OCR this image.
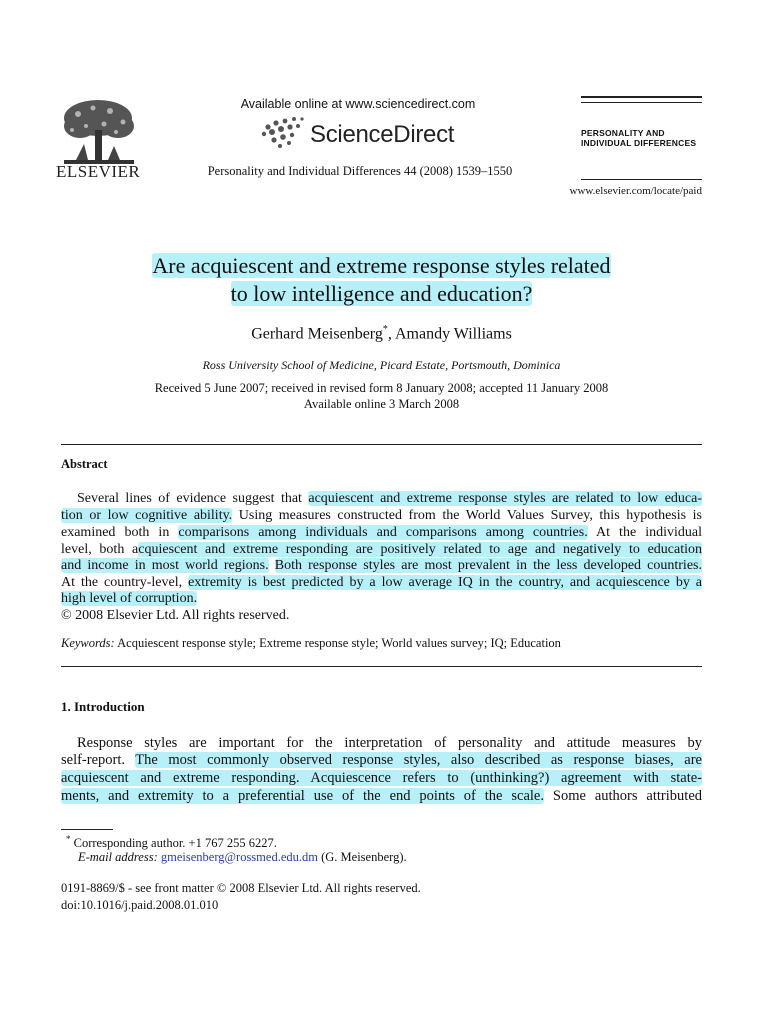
ELSEVIER
Available online at www.sciencedirect.com
ScienceDirect
Personality and Individual Differences 44 (2008) 1539–1550
PERSONALITY AND
INDIVIDUAL DIFFERENCES
www.elsevier.com/locate/paid
Are acquiescent and extreme response styles related
to low intelligence and education?
Gerhard Meisenberg*, Amandy Williams
Ross University School of Medicine, Picard Estate, Portsmouth, Dominica
Received 5 June 2007; received in revised form 8 January 2008; accepted 11 January 2008
Available online 3 March 2008
Abstract
Several lines of evidence suggest that acquiescent and extreme response styles are related to low educa-
tion or low cognitive ability. Using measures constructed from the World Values Survey, this hypothesis is
examined both in comparisons among individuals and comparisons among countries. At the individual
level, both acquiescent and extreme responding are positively related to age and negatively to education
and income in most world regions. Both response styles are most prevalent in the less developed countries.
At the country-level, extremity is best predicted by a low average IQ in the country, and acquiescence by a
high level of corruption.
© 2008 Elsevier Ltd. All rights reserved.
Keywords: Acquiescent response style; Extreme response style; World values survey; IQ; Education
1. Introduction
Response styles are important for the interpretation of personality and attitude measures by
self-report. The most commonly observed response styles, also described as response biases, are
acquiescent and extreme responding. Acquiescence refers to (unthinking?) agreement with state-
ments, and extremity to a preferential use of the end points of the scale. Some authors attributed
* Corresponding author. +1 767 255 6227.
E-mail address: gmeisenberg@rossmed.edu.dm (G. Meisenberg).
0191-8869/$ - see front matter © 2008 Elsevier Ltd. All rights reserved.
doi:10.1016/j.paid.2008.01.010
